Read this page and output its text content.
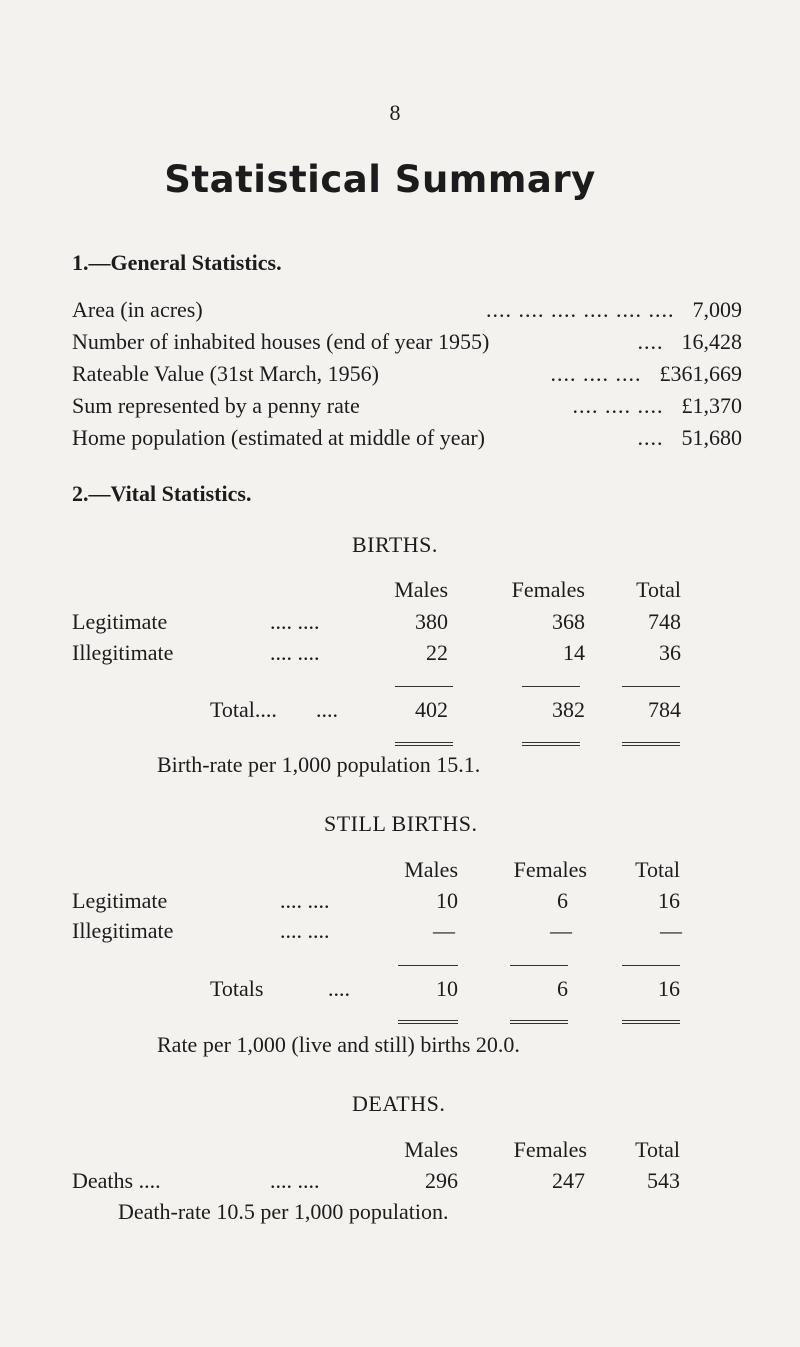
8
Statistical Summary
1.—General Statistics.
Area (in acres)	.... .... .... .... .... .... 7,009
Number of inhabited houses (end of year 1955)	.... 16,428
Rateable Value (31st March, 1956)	.... .... .... £361,669
Sum represented by a penny rate	.... .... .... £1,370
Home population (estimated at middle of year)	.... 51,680
2.—Vital Statistics.
BIRTHS.
Males	Females	Total
Legitimate	.... ....	380	368	748
Illegitimate	.... ....	22	14	36
Total.... ....	402	382	784
Birth-rate per 1,000 population 15.1.
STILL BIRTHS.
Males	Females	Total
Legitimate	.... ....	10	6	16
Illegitimate	.... ....	—	—	—
Totals	....	10	6	16
Rate per 1,000 (live and still) births 20.0.
DEATHS.
Males	Females	Total
Deaths ....	.... ....	296	247	543
Death-rate 10.5 per 1,000 population.
